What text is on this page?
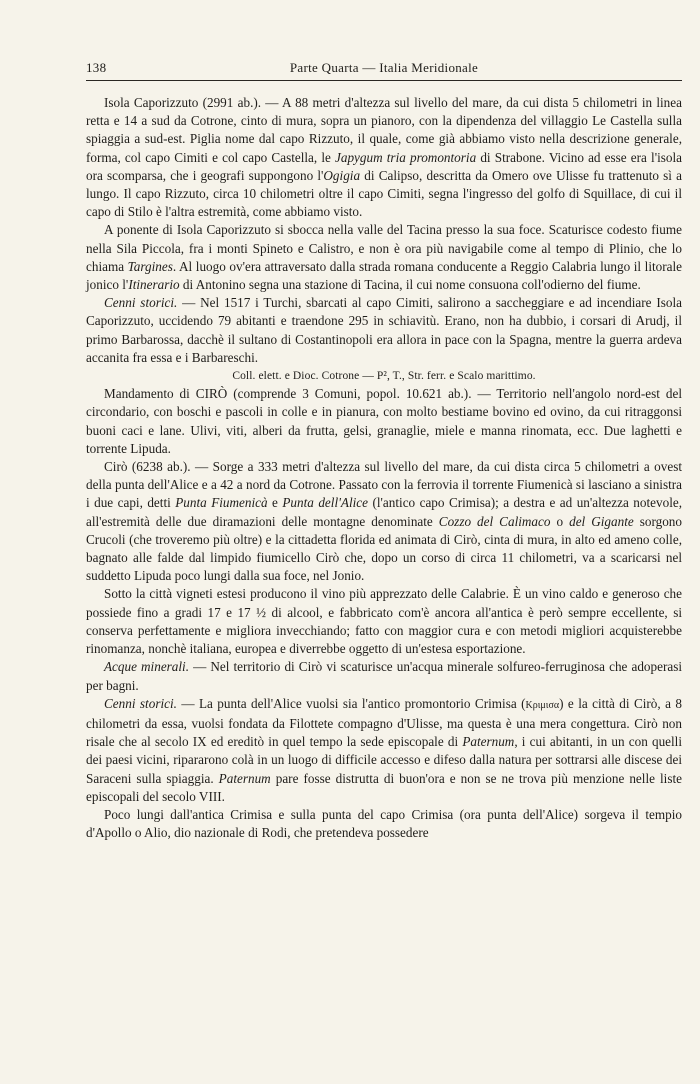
138	Parte Quarta — Italia Meridionale

Isola Caporizzuto (2991 ab.). — A 88 metri d'altezza sul livello del mare, da cui dista 5 chilometri in linea retta e 14 a sud da Cotrone, cinto di mura, sopra un pianoro, con la dipendenza del villaggio Le Castella sulla spiaggia a sud-est. Piglia nome dal capo Rizzuto, il quale, come già abbiamo visto nella descrizione generale, forma, col capo Cimiti e col capo Castella, le Japygum tria promontoria di Strabone. Vicino ad esse era l'isola ora scomparsa, che i geografi suppongono l'Ogigia di Calipso, descritta da Omero ove Ulisse fu trattenuto sì a lungo. Il capo Rizzuto, circa 10 chilometri oltre il capo Cimiti, segna l'ingresso del golfo di Squillace, di cui il capo di Stilo è l'altra estremità, come abbiamo visto.

A ponente di Isola Caporizzuto si sbocca nella valle del Tacina presso la sua foce. Scaturisce codesto fiume nella Sila Piccola, fra i monti Spineto e Calistro, e non è ora più navigabile come al tempo di Plinio, che lo chiama Targines. Al luogo ov'era attraversato dalla strada romana conducente a Reggio Calabria lungo il litorale jonico l'Itinerario di Antonino segna una stazione di Tacina, il cui nome consuona coll'odierno del fiume.

Cenni storici. — Nel 1517 i Turchi, sbarcati al capo Cimiti, salirono a saccheggiare e ad incendiare Isola Caporizzuto, uccidendo 79 abitanti e traendone 295 in schiavitù. Erano, non ha dubbio, i corsari di Arudj, il primo Barbarossa, dacchè il sultano di Costantinopoli era allora in pace con la Spagna, mentre la guerra ardeva accanita fra essa e i Barbareschi.

Coll. elett. e Dioc. Cotrone — P², T., Str. ferr. e Scalo marittimo.

Mandamento di CIRÒ (comprende 3 Comuni, popol. 10.621 ab.). — Territorio nell'angolo nord-est del circondario, con boschi e pascoli in colle e in pianura, con molto bestiame bovino ed ovino, da cui ritraggonsi buoni caci e lane. Ulivi, viti, alberi da frutta, gelsi, granaglie, miele e manna rinomata, ecc. Due laghetti e torrente Lipuda.

Cirò (6238 ab.). — Sorge a 333 metri d'altezza sul livello del mare, da cui dista circa 5 chilometri a ovest della punta dell'Alice e a 42 a nord da Cotrone. Passato con la ferrovia il torrente Fiumenicà si lasciano a sinistra i due capi, detti Punta Fiumenicà e Punta dell'Alice (l'antico capo Crimisa); a destra e ad un'altezza notevole, all'estremità delle due diramazioni delle montagne denominate Cozzo del Calimaco o del Gigante sorgono Crucoli (che troveremo più oltre) e la cittadetta florida ed animata di Cirò, cinta di mura, in alto ed ameno colle, bagnato alle falde dal limpido fiumicello Cirò che, dopo un corso di circa 11 chilometri, va a scaricarsi nel suddetto Lipuda poco lungi dalla sua foce, nel Jonio.

Sotto la città vigneti estesi producono il vino più apprezzato delle Calabrie. È un vino caldo e generoso che possiede fino a gradi 17 e 17 ½ di alcool, e fabbricato com'è ancora all'antica è però sempre eccellente, si conserva perfettamente e migliora invecchiando; fatto con maggior cura e con metodi migliori acquisterebbe rinomanza, nonchè italiana, europea e diverrebbe oggetto di un'estesa esportazione.

Acque minerali. — Nel territorio di Cirò vi scaturisce un'acqua minerale solfureo-ferruginosa che adoperasi per bagni.

Cenni storici. — La punta dell'Alice vuolsi sia l'antico promontorio Crimisa (Κριμισα) e la città di Cirò, a 8 chilometri da essa, vuolsi fondata da Filottete compagno d'Ulisse, ma questa è una mera congettura. Cirò non risale che al secolo IX ed ereditò in quel tempo la sede episcopale di Paternum, i cui abitanti, in un con quelli dei paesi vicini, ripararono colà in un luogo di difficile accesso e difeso dalla natura per sottrarsi alle discese dei Saraceni sulla spiaggia. Paternum pare fosse distrutta di buon'ora e non se ne trova più menzione nelle liste episcopali del secolo VIII.

Poco lungi dall'antica Crimisa e sulla punta del capo Crimisa (ora punta dell'Alice) sorgeva il tempio d'Apollo o Alio, dio nazionale di Rodi, che pretendeva possedere
